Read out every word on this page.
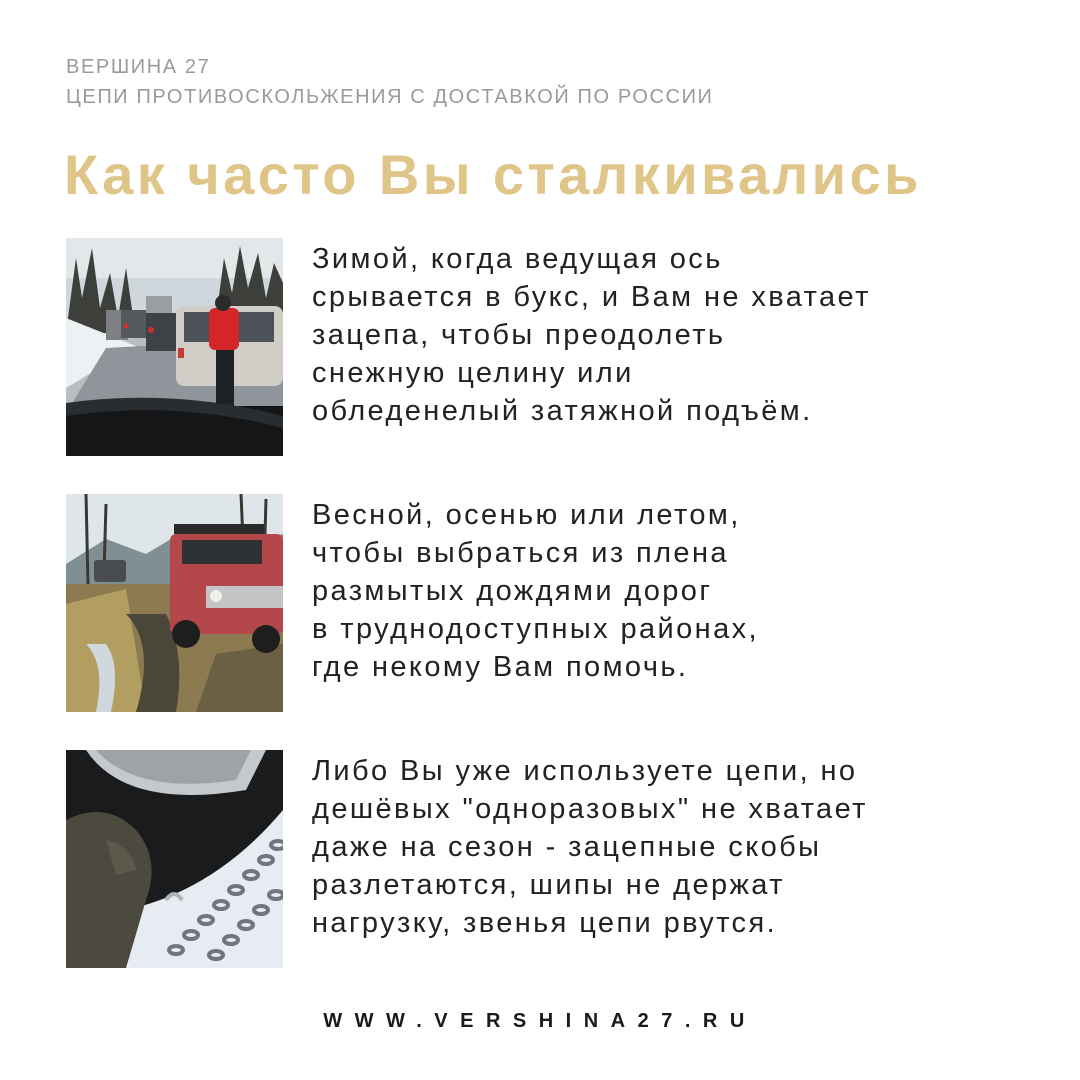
ВЕРШИНА 27
ЦЕПИ ПРОТИВОСКОЛЬЖЕНИЯ С ДОСТАВКОЙ ПО РОССИИ
Как часто Вы сталкивались
Зимой, когда ведущая ось
срывается в букс, и Вам не хватает
зацепа, чтобы преодолеть
снежную целину или
обледенелый затяжной подъём.
Весной, осенью или летом,
чтобы выбраться из плена
размытых дождями дорог
в труднодоступных районах,
где некому Вам помочь.
Либо Вы уже используете цепи, но
дешёвых "одноразовых" не хватает
даже на сезон - зацепные скобы
разлетаются, шипы не держат
нагрузку, звенья цепи рвутся.
WWW.VERSHINA27.RU
